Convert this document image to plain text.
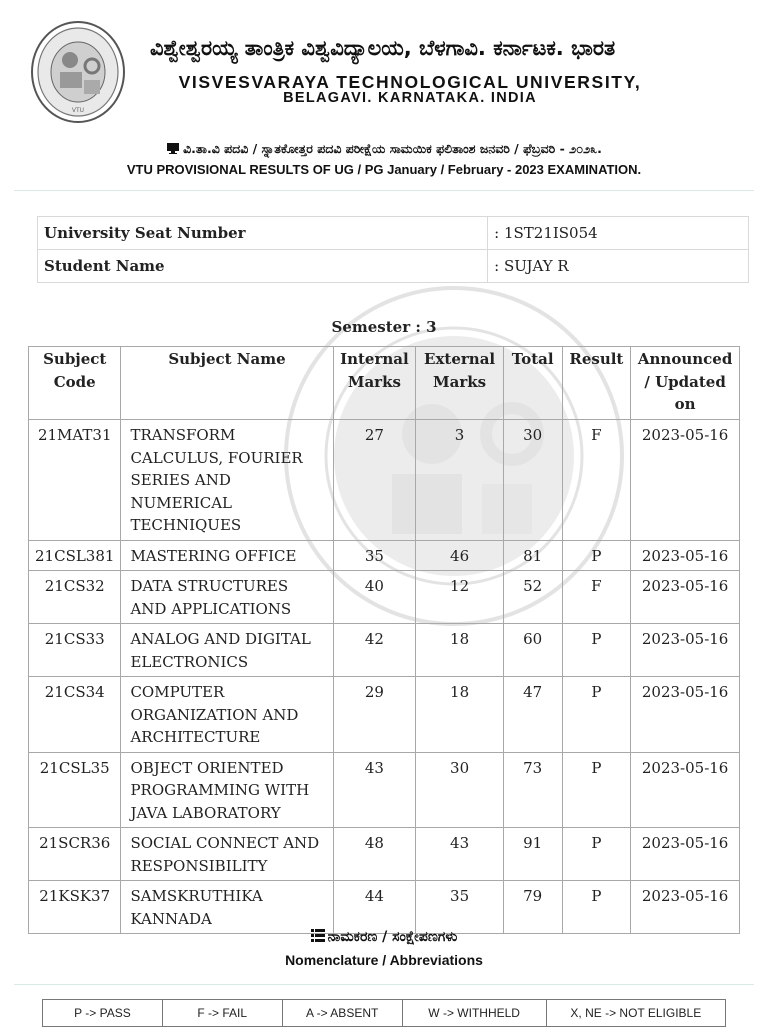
VTU
ವಿಶ್ವೇಶ್ವರಯ್ಯ ತಾಂತ್ರಿಕ ವಿಶ್ವವಿದ್ಯಾಲಯ, ಬೆಳಗಾವಿ. ಕರ್ನಾಟಕ. ಭಾರತ
VISVESVARAYA TECHNOLOGICAL UNIVERSITY,
BELAGAVI. KARNATAKA. INDIA
ವಿ.ತಾ.ವಿ ಪದವಿ / ಸ್ನಾತಕೋತ್ತರ ಪದವಿ ಪರೀಕ್ಷೆಯ ಸಾಮಯಿಕ ಫಲಿತಾಂಶ ಜನವರಿ / ಫೆಬ್ರವರಿ - ೨೦೨೩.
VTU PROVISIONAL RESULTS OF UG / PG January / February - 2023 EXAMINATION.
University Seat Number	: 1ST21IS054
Student Name	: SUJAY R
Semester : 3
Subject Code	Subject Name	Internal Marks	External Marks	Total	Result	Announced / Updated on
21MAT31	TRANSFORM CALCULUS, FOURIER SERIES AND NUMERICAL TECHNIQUES	27	3	30	F	2023-05-16
21CSL381	MASTERING OFFICE	35	46	81	P	2023-05-16
21CS32	DATA STRUCTURES AND APPLICATIONS	40	12	52	F	2023-05-16
21CS33	ANALOG AND DIGITAL ELECTRONICS	42	18	60	P	2023-05-16
21CS34	COMPUTER ORGANIZATION AND ARCHITECTURE	29	18	47	P	2023-05-16
21CSL35	OBJECT ORIENTED PROGRAMMING WITH JAVA LABORATORY	43	30	73	P	2023-05-16
21SCR36	SOCIAL CONNECT AND RESPONSIBILITY	48	43	91	P	2023-05-16
21KSK37	SAMSKRUTHIKA KANNADA	44	35	79	P	2023-05-16
ನಾಮಕರಣ / ಸಂಕ್ಷೇಪಣಗಳು
Nomenclature / Abbreviations
P -> PASS	F -> FAIL	A -> ABSENT	W -> WITHHELD	X, NE -> NOT ELIGIBLE
